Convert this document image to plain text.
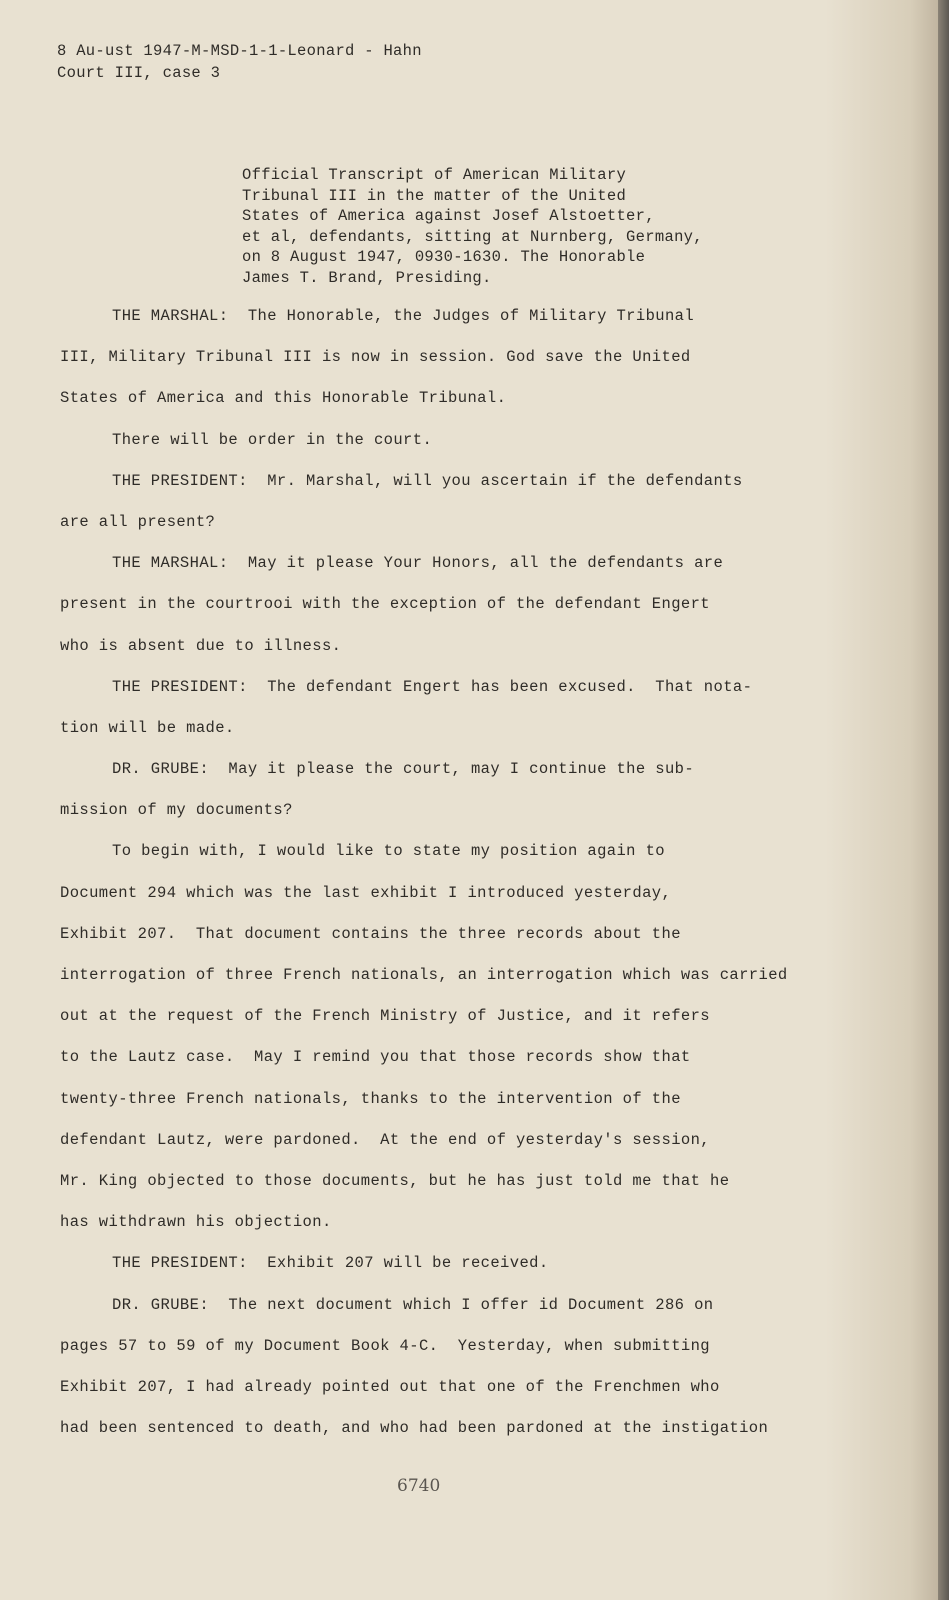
8 Au-ust 1947-M-MSD-1-1-Leonard - Hahn
Court III, case 3
Official Transcript of American Military
Tribunal III in the matter of the United
States of America against Josef Alstoetter,
et al, defendants, sitting at Nurnberg, Germany,
on 8 August 1947, 0930-1630. The Honorable
James T. Brand, Presiding.
THE MARSHAL:  The Honorable, the Judges of Military Tribunal
III, Military Tribunal III is now in session. God save the United
States of America and this Honorable Tribunal.
There will be order in the court.
THE PRESIDENT:  Mr. Marshal, will you ascertain if the defendants
are all present?
THE MARSHAL:  May it please Your Honors, all the defendants are
present in the courtrooi with the exception of the defendant Engert
who is absent due to illness.
THE PRESIDENT:  The defendant Engert has been excused.  That nota-
tion will be made.
DR. GRUBE:  May it please the court, may I continue the sub-
mission of my documents?
To begin with, I would like to state my position again to
Document 294 which was the last exhibit I introduced yesterday,
Exhibit 207.  That document contains the three records about the
interrogation of three French nationals, an interrogation which was carried
out at the request of the French Ministry of Justice, and it refers
to the Lautz case.  May I remind you that those records show that
twenty-three French nationals, thanks to the intervention of the
defendant Lautz, were pardoned.  At the end of yesterday's session,
Mr. King objected to those documents, but he has just told me that he
has withdrawn his objection.
THE PRESIDENT:  Exhibit 207 will be received.
DR. GRUBE:  The next document which I offer id Document 286 on
pages 57 to 59 of my Document Book 4-C.  Yesterday, when submitting
Exhibit 207, I had already pointed out that one of the Frenchmen who
had been sentenced to death, and who had been pardoned at the instigation
6740
